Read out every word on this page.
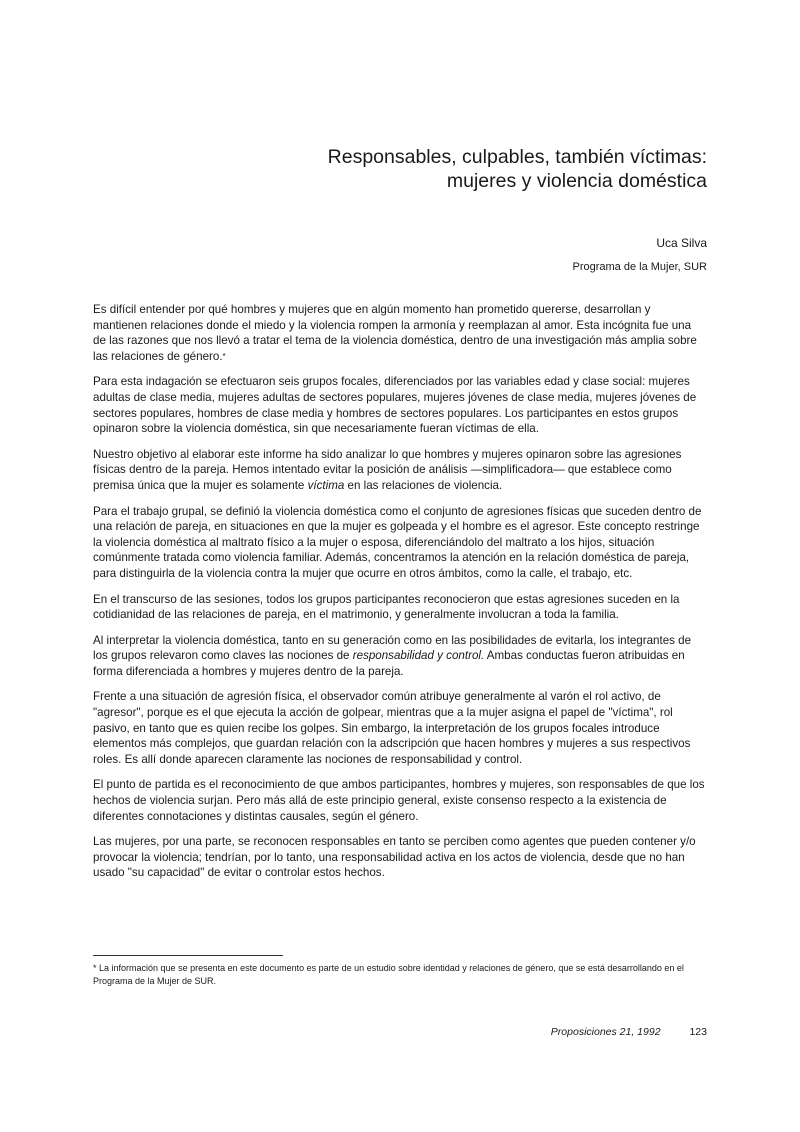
Responsables, culpables, también víctimas:
mujeres y violencia doméstica

Uca Silva

Programa de la Mujer, SUR

Es difícil entender por qué hombres y mujeres que en algún momento han prometido quererse, desarrollan y mantienen relaciones donde el miedo y la violencia rompen la armonía y reemplazan al amor. Esta incógnita fue una de las razones que nos llevó a tratar el tema de la violencia doméstica, dentro de una investigación más amplia sobre las relaciones de género.*

Para esta indagación se efectuaron seis grupos focales, diferenciados por las variables edad y clase social: mujeres adultas de clase media, mujeres adultas de sectores populares, mujeres jóvenes de clase media, mujeres jóvenes de sectores populares, hombres de clase media y hombres de sectores populares. Los participantes en estos grupos opinaron sobre la violencia doméstica, sin que necesariamente fueran víctimas de ella.

Nuestro objetivo al elaborar este informe ha sido analizar lo que hombres y mujeres opinaron sobre las agresiones físicas dentro de la pareja. Hemos intentado evitar la posición de análisis —simplificadora— que establece como premisa única que la mujer es solamente víctima en las relaciones de violencia.

Para el trabajo grupal, se definió la violencia doméstica como el conjunto de agresiones físicas que suceden dentro de una relación de pareja, en situaciones en que la mujer es golpeada y el hombre es el agresor. Este concepto restringe la violencia doméstica al maltrato físico a la mujer o esposa, diferenciándolo del maltrato a los hijos, situación comúnmente tratada como violencia familiar. Además, concentramos la atención en la relación doméstica de pareja, para distinguirla de la violencia contra la mujer que ocurre en otros ámbitos, como la calle, el trabajo, etc.

En el transcurso de las sesiones, todos los grupos participantes reconocieron que estas agresiones suceden en la cotidianidad de las relaciones de pareja, en el matrimonio, y generalmente involucran a toda la familia.

Al interpretar la violencia doméstica, tanto en su generación como en las posibilidades de evitarla, los integrantes de los grupos relevaron como claves las nociones de responsabilidad y control. Ambas conductas fueron atribuidas en forma diferenciada a hombres y mujeres dentro de la pareja.

Frente a una situación de agresión física, el observador común atribuye generalmente al varón el rol activo, de "agresor", porque es el que ejecuta la acción de golpear, mientras que a la mujer asigna el papel de "víctima", rol pasivo, en tanto que es quien recibe los golpes. Sin embargo, la interpretación de los grupos focales introduce elementos más complejos, que guardan relación con la adscripción que hacen hombres y mujeres a sus respectivos roles. Es allí donde aparecen claramente las nociones de responsabilidad y control.

El punto de partida es el reconocimiento de que ambos participantes, hombres y mujeres, son responsables de que los hechos de violencia surjan. Pero más allá de este principio general, existe consenso respecto a la existencia de diferentes connotaciones y distintas causales, según el género.

Las mujeres, por una parte, se reconocen responsables en tanto se perciben como agentes que pueden contener y/o provocar la violencia; tendrían, por lo tanto, una responsabilidad activa en los actos de violencia, desde que no han usado "su capacidad" de evitar o controlar estos hechos.

* La información que se presenta en este documento es parte de un estudio sobre identidad y relaciones de género, que se está desarrollando en el Programa de la Mujer de SUR.

Proposiciones 21, 1992	123
